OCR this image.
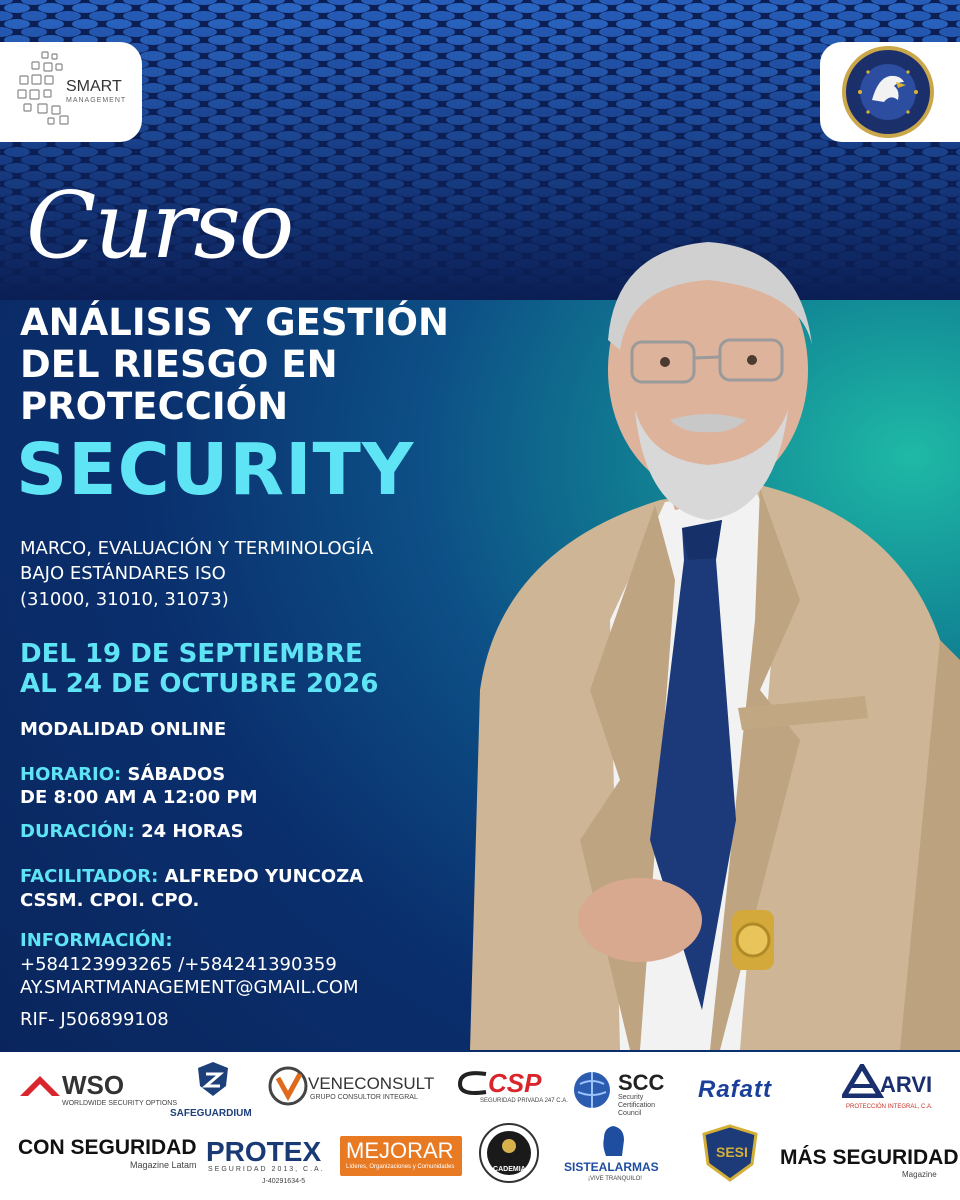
SMART
MANAGEMENT
Curso
ANÁLISIS Y GESTIÓN
DEL RIESGO EN
PROTECCIÓN
SECURITY
MARCO, EVALUACIÓN Y TERMINOLOGÍA
BAJO ESTÁNDARES ISO
(31000, 31010, 31073)
DEL 19 DE SEPTIEMBRE
AL 24 DE OCTUBRE 2026
MODALIDAD ONLINE
HORARIO: SÁBADOS
DE 8:00 AM A 12:00 PM
DURACIÓN: 24 HORAS
FACILITADOR: ALFREDO YUNCOZA
CSSM. CPOI. CPO.
INFORMACIÓN:
+584123993265 /+584241390359
AY.SMARTMANAGEMENT@GMAIL.COM
RIF- J506899108
WSO
WORLDWIDE SECURITY OPTIONS
SAFEGUARDIUM
VENECONSULT
GRUPO CONSULTOR INTEGRAL	CSP
SEGURIDAD PRIVADA 247 C.A.
SCC
Security Certification Council
Rafatt	ARVI
PROTECCIÓN INTEGRAL, C.A.
CON SEGURIDAD
Magazine Latam PROTEX
SEGURIDAD 2013, C.A.
J-40291634-5
MEJORAR
Líderes, Organizaciones y Comunidades	ACADEMIA	SISTEALARMAS
¡VIVE TRANQUILO!
SESI MÁS SEGURIDAD
Magazine
